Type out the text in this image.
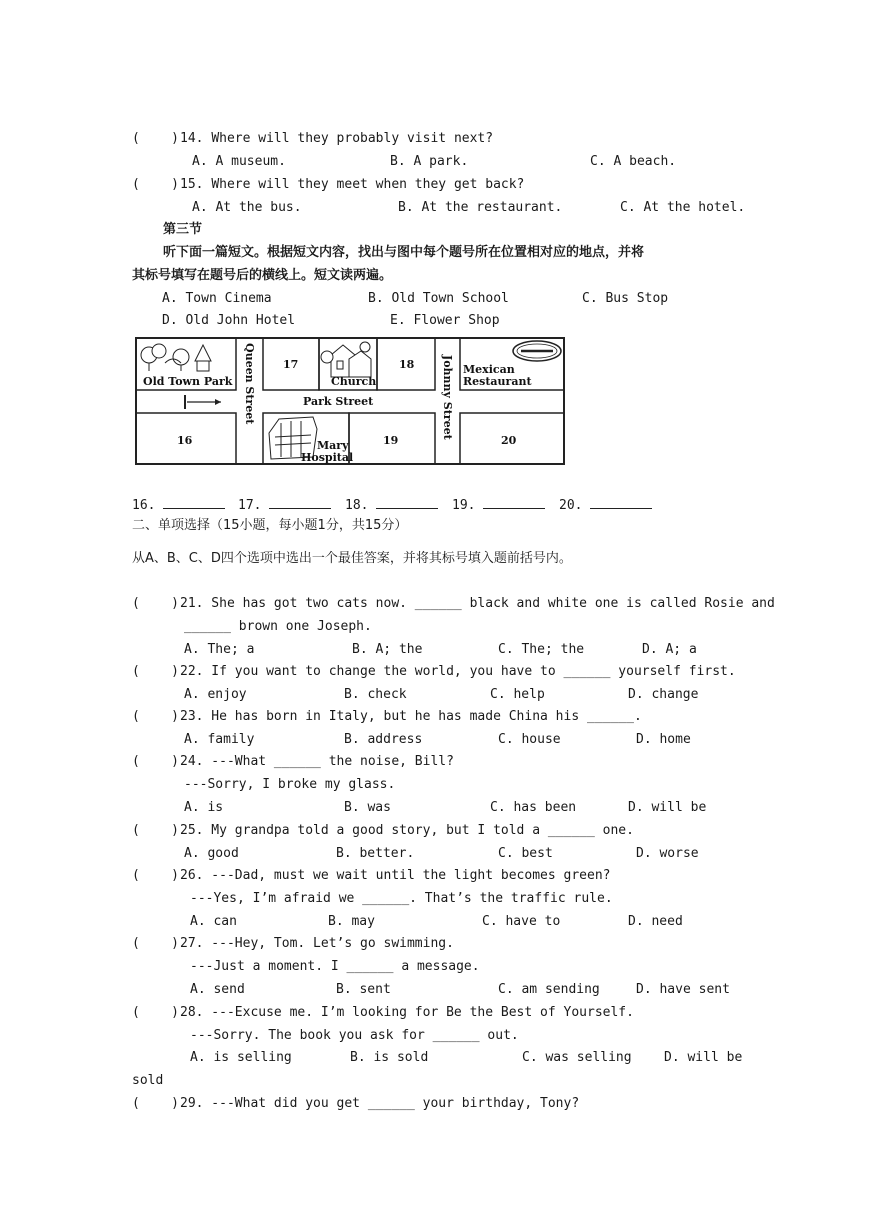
(    ) 14. Where will they probably visit next?
A. A museum.	B. A park.	C. A beach.
(    ) 15. Where will they meet when they get back?
A. At the bus.	B. At the restaurant.	C. At the hotel.
第三节
听下面一篇短文。根据短文内容，找出与图中每个题号所在位置相对应的地点，并将
其标号填写在题号后的横线上。短文读两遍。
A. Town Cinema	B. Old Town School	C. Bus Stop
D. Old John Hotel	E. Flower Shop
Old Town Park
17
Church
18	Mexican
Restaurant
Park Street
Queen Street	Johnny Street
16	Mary
Hospital
19	20
16.	17.	18.	19.	20.
二、单项选择（15小题，每小题1分，共15分）
从A、B、C、D四个选项中选出一个最佳答案，并将其标号填入题前括号内。
(    ) 21. She has got two cats now. ______ black and white one is called Rosie and
______ brown one Joseph.
A. The; a	B. A; the	C. The; the	D. A; a
(    ) 22. If you want to change the world, you have to ______ yourself first.
A. enjoy	B. check	C. help	D. change
(    ) 23. He has born in Italy, but he has made China his ______.
A. family	B. address	C. house	D. home
(    ) 24. ---What ______ the noise, Bill?
---Sorry, I broke my glass.
A. is	B. was	C. has been	D. will be
(    ) 25. My grandpa told a good story, but I told a ______ one.
A. good	B. better.	C. best	D. worse
(    ) 26. ---Dad, must we wait until the light becomes green?
---Yes, I’m afraid we ______. That’s the traffic rule.
A. can	B. may	C. have to	D. need
(    ) 27. ---Hey, Tom. Let’s go swimming.
---Just a moment. I ______ a message.
A. send	B. sent	C. am sending	D. have sent
(    ) 28. ---Excuse me. I’m looking for Be the Best of Yourself.
---Sorry. The book you ask for ______ out.
A. is selling	B. is sold	C. was selling D. will be
sold
(    ) 29. ---What did you get ______ your birthday, Tony?
